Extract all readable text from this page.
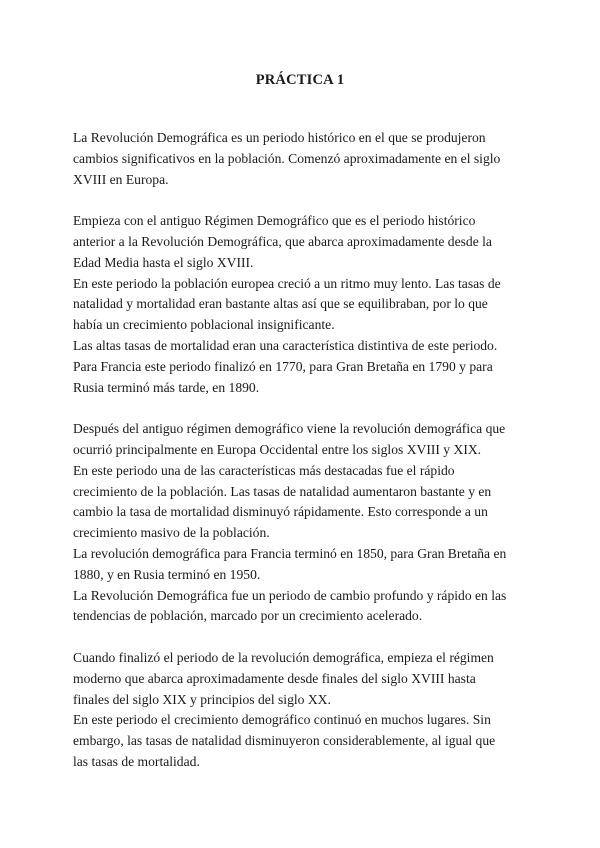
PRÁCTICA 1

La Revolución Demográfica es un periodo histórico en el que se produjeron
cambios significativos en la población. Comenzó aproximadamente en el siglo
XVIII en Europa.

Empieza con el antiguo Régimen Demográfico que es el periodo histórico
anterior a la Revolución Demográfica, que abarca aproximadamente desde la
Edad Media hasta el siglo XVIII.
En este periodo la población europea creció a un ritmo muy lento. Las tasas de
natalidad y mortalidad eran bastante altas así que se equilibraban, por lo que
había un crecimiento poblacional insignificante.
Las altas tasas de mortalidad eran una característica distintiva de este periodo.
Para Francia este periodo finalizó en 1770, para Gran Bretaña en 1790 y para
Rusia terminó más tarde, en 1890.

Después del antiguo régimen demográfico viene la revolución demográfica que
ocurrió principalmente en Europa Occidental entre los siglos XVIII y XIX.
En este periodo una de las características más destacadas fue el rápido
crecimiento de la población. Las tasas de natalidad aumentaron bastante y en
cambio la tasa de mortalidad disminuyó rápidamente. Esto corresponde a un
crecimiento masivo de la población.
La revolución demográfica para Francia terminó en 1850, para Gran Bretaña en
1880, y en Rusia terminó en 1950.
La Revolución Demográfica fue un periodo de cambio profundo y rápido en las
tendencias de población, marcado por un crecimiento acelerado.

Cuando finalizó el periodo de la revolución demográfica, empieza el régimen
moderno que abarca aproximadamente desde finales del siglo XVIII hasta
finales del siglo XIX y principios del siglo XX.
En este periodo el crecimiento demográfico continuó en muchos lugares. Sin
embargo, las tasas de natalidad disminuyeron considerablemente, al igual que
las tasas de mortalidad.
